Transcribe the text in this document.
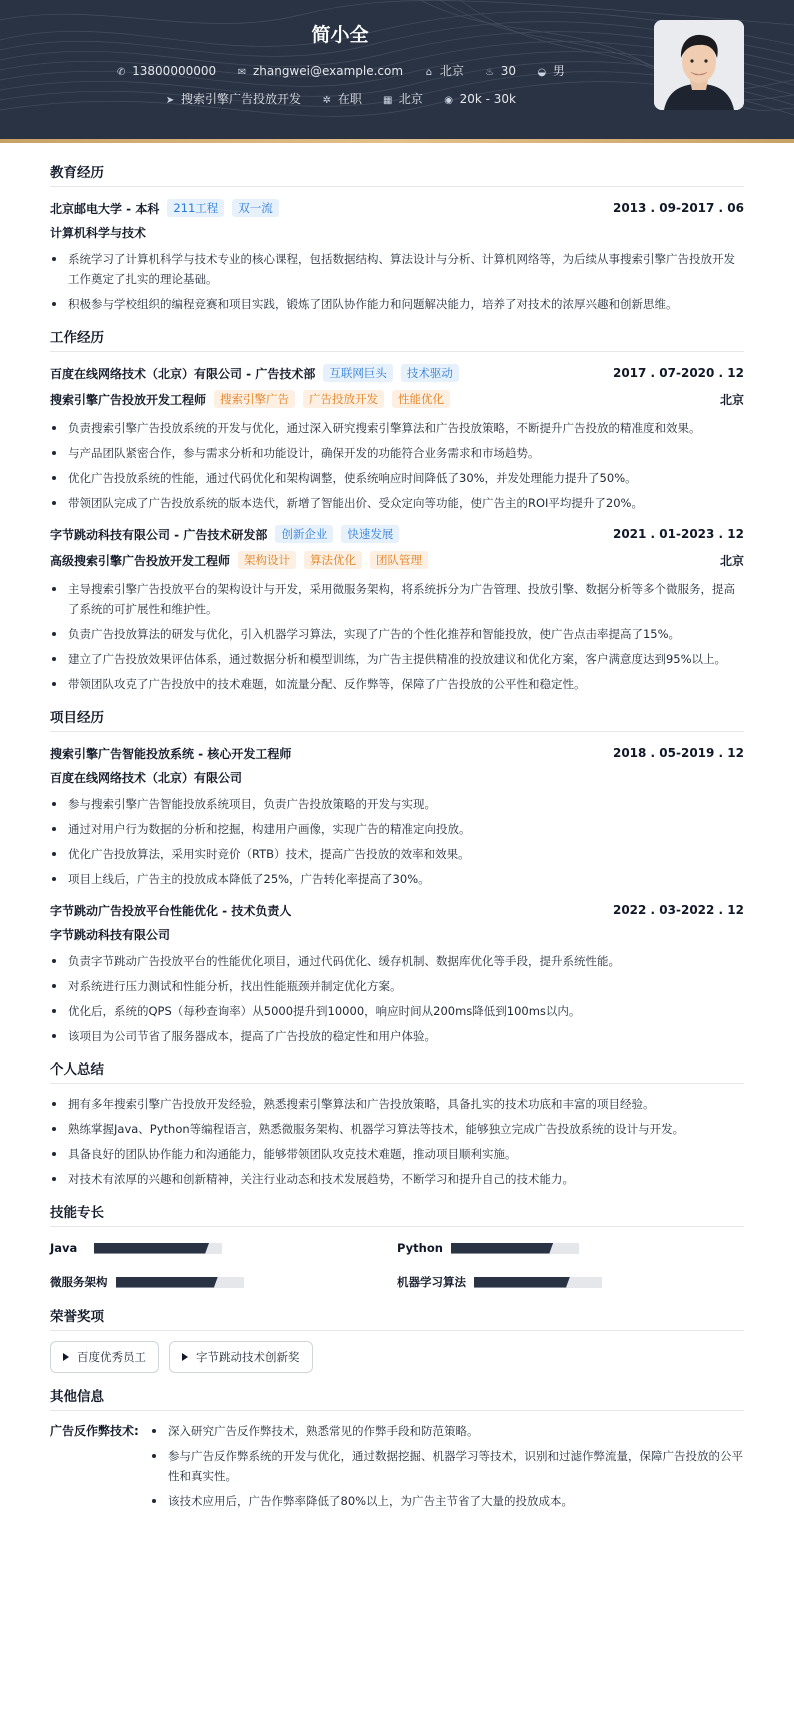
简小全
✆ 13800000000 ✉ zhangwei@example.com ⌂ 北京 ♨ 30 ◒ 男
➤ 搜索引擎广告投放开发 ✲ 在职 ▦ 北京 ◉ 20k - 30k
教育经历
北京邮电大学 - 本科	211工程	双一流	2013 . 09-2017 . 06
计算机科学与技术
系统学习了计算机科学与技术专业的核心课程，包括数据结构、算法设计与分析、计算机网络等，为后续从事搜索引擎广告投放开发工作奠定了扎实的理论基础。
积极参与学校组织的编程竞赛和项目实践，锻炼了团队协作能力和问题解决能力，培养了对技术的浓厚兴趣和创新思维。
工作经历
百度在线网络技术（北京）有限公司 - 广告技术部	互联网巨头	技术驱动	2017 . 07-2020 . 12
搜索引擎广告投放开发工程师	搜索引擎广告	广告投放开发	性能优化	北京
负责搜索引擎广告投放系统的开发与优化，通过深入研究搜索引擎算法和广告投放策略，不断提升广告投放的精准度和效果。
与产品团队紧密合作，参与需求分析和功能设计，确保开发的功能符合业务需求和市场趋势。
优化广告投放系统的性能，通过代码优化和架构调整，使系统响应时间降低了30%，并发处理能力提升了50%。
带领团队完成了广告投放系统的版本迭代，新增了智能出价、受众定向等功能，使广告主的ROI平均提升了20%。
字节跳动科技有限公司 - 广告技术研发部	创新企业	快速发展	2021 . 01-2023 . 12
高级搜索引擎广告投放开发工程师	架构设计	算法优化	团队管理	北京
主导搜索引擎广告投放平台的架构设计与开发，采用微服务架构，将系统拆分为广告管理、投放引擎、数据分析等多个微服务，提高了系统的可扩展性和维护性。
负责广告投放算法的研发与优化，引入机器学习算法，实现了广告的个性化推荐和智能投放，使广告点击率提高了15%。
建立了广告投放效果评估体系，通过数据分析和模型训练，为广告主提供精准的投放建议和优化方案，客户满意度达到95%以上。
带领团队攻克了广告投放中的技术难题，如流量分配、反作弊等，保障了广告投放的公平性和稳定性。
项目经历
搜索引擎广告智能投放系统 - 核心开发工程师	2018 . 05-2019 . 12
百度在线网络技术（北京）有限公司
参与搜索引擎广告智能投放系统项目，负责广告投放策略的开发与实现。
通过对用户行为数据的分析和挖掘，构建用户画像，实现广告的精准定向投放。
优化广告投放算法，采用实时竞价（RTB）技术，提高广告投放的效率和效果。
项目上线后，广告主的投放成本降低了25%，广告转化率提高了30%。
字节跳动广告投放平台性能优化 - 技术负责人	2022 . 03-2022 . 12
字节跳动科技有限公司
负责字节跳动广告投放平台的性能优化项目，通过代码优化、缓存机制、数据库优化等手段，提升系统性能。
对系统进行压力测试和性能分析，找出性能瓶颈并制定优化方案。
优化后，系统的QPS（每秒查询率）从5000提升到10000，响应时间从200ms降低到100ms以内。
该项目为公司节省了服务器成本，提高了广告投放的稳定性和用户体验。
个人总结
拥有多年搜索引擎广告投放开发经验，熟悉搜索引擎算法和广告投放策略，具备扎实的技术功底和丰富的项目经验。
熟练掌握Java、Python等编程语言，熟悉微服务架构、机器学习算法等技术，能够独立完成广告投放系统的设计与开发。
具备良好的团队协作能力和沟通能力，能够带领团队攻克技术难题，推动项目顺利实施。
对技术有浓厚的兴趣和创新精神，关注行业动态和技术发展趋势，不断学习和提升自己的技术能力。
技能专长
Java	Python
微服务架构	机器学习算法
荣誉奖项
百度优秀员工	字节跳动技术创新奖
其他信息
广告反作弊技术:	深入研究广告反作弊技术，熟悉常见的作弊手段和防范策略。
参与广告反作弊系统的开发与优化，通过数据挖掘、机器学习等技术，识别和过滤作弊流量，保障广告投放的公平性和真实性。
该技术应用后，广告作弊率降低了80%以上，为广告主节省了大量的投放成本。
